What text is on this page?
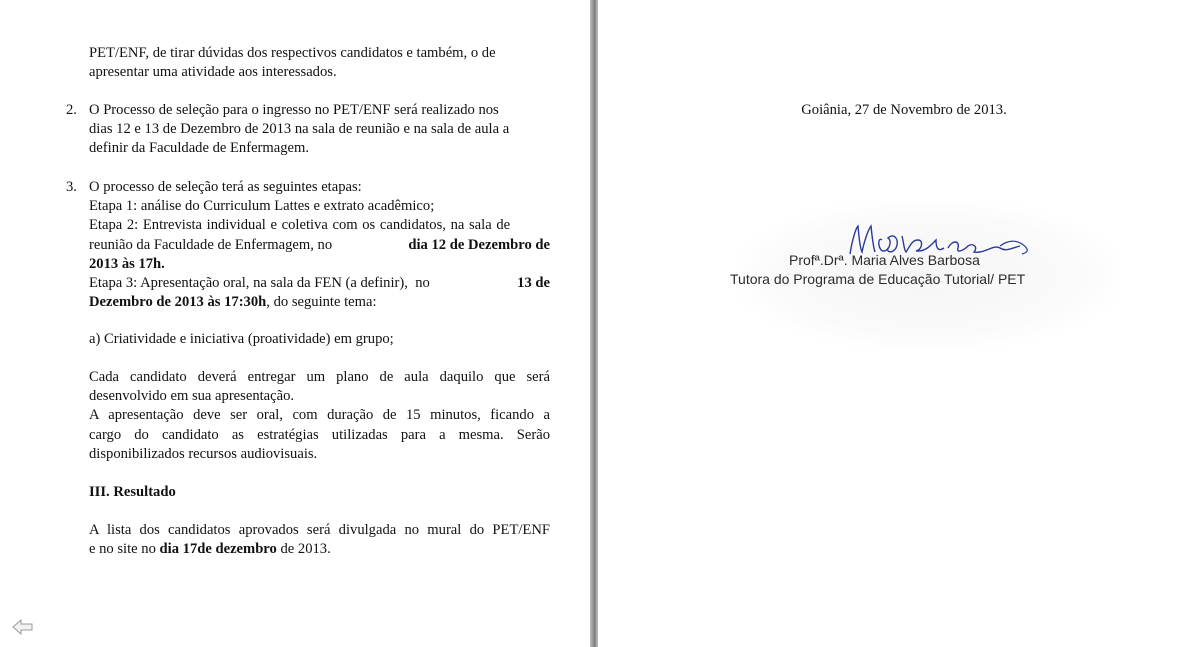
PET/ENF, de tirar dúvidas dos respectivos candidatos e também, o de
apresentar uma atividade aos interessados.
2. O Processo de seleção para o ingresso no PET/ENF será realizado nos
dias 12 e 13 de Dezembro de 2013 na sala de reunião e na sala de aula a
definir da Faculdade de Enfermagem.
3. O processo de seleção terá as seguintes etapas:
Etapa 1: análise do Curriculum Lattes e extrato acadêmico;
Etapa 2: Entrevista individual e coletiva com os candidatos, na sala de
reunião da Faculdade de Enfermagem, no	dia 12 de Dezembro de
2013 às 17h.
Etapa 3: Apresentação oral, na sala da FEN (a definir),  no	13 de
Dezembro de 2013 às 17:30h, do seguinte tema:
a) Criatividade e iniciativa (proatividade) em grupo;
Cada candidato deverá entregar um plano de aula daquilo que será
desenvolvido em sua apresentação.
A apresentação deve ser oral, com duração de 15 minutos, ficando a
cargo do candidato as estratégias utilizadas para a mesma. Serão
disponibilizados recursos audiovisuais.
III. Resultado
A lista dos candidatos aprovados será divulgada no mural do PET/ENF
e no site no dia 17de dezembro de 2013.
Goiânia, 27 de Novembro de 2013.
Profª.Drª. Maria Alves Barbosa
Tutora do Programa de Educação Tutorial/ PET
